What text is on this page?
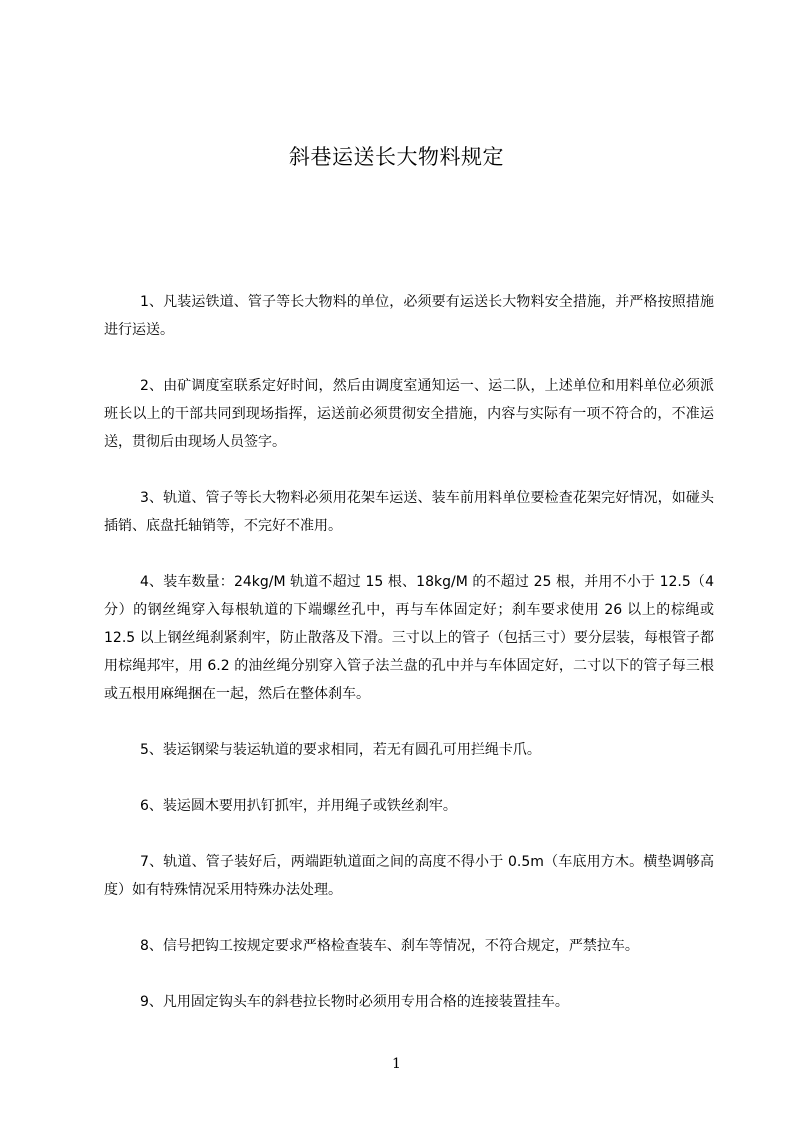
斜巷运送长大物料规定

1、凡装运铁道、管子等长大物料的单位，必须要有运送长大物料安全措施，并严格按照措施进行运送。

2、由矿调度室联系定好时间，然后由调度室通知运一、运二队，上述单位和用料单位必须派班长以上的干部共同到现场指挥，运送前必须贯彻安全措施，内容与实际有一项不符合的，不准运送，贯彻后由现场人员签字。

3、轨道、管子等长大物料必须用花架车运送、装车前用料单位要检查花架完好情况，如碰头插销、底盘托轴销等，不完好不准用。

4、装车数量：24kg/M 轨道不超过 15 根、18kg/M 的不超过 25 根，并用不小于 12.5（4 分）的钢丝绳穿入每根轨道的下端螺丝孔中，再与车体固定好；刹车要求使用 26 以上的棕绳或 12.5 以上钢丝绳刹紧刹牢，防止散落及下滑。三寸以上的管子（包括三寸）要分层装，每根管子都用棕绳邦牢，用 6.2 的油丝绳分别穿入管子法兰盘的孔中并与车体固定好，二寸以下的管子每三根或五根用麻绳捆在一起，然后在整体刹车。

5、装运钢梁与装运轨道的要求相同，若无有圆孔可用拦绳卡爪。

6、装运圆木要用扒钉抓牢，并用绳子或铁丝刹牢。

7、轨道、管子装好后，两端距轨道面之间的高度不得小于 0.5m（车底用方木。横垫调够高度）如有特殊情况采用特殊办法处理。

8、信号把钩工按规定要求严格检查装车、刹车等情况，不符合规定，严禁拉车。

9、凡用固定钩头车的斜巷拉长物时必须用专用合格的连接装置挂车。

1
